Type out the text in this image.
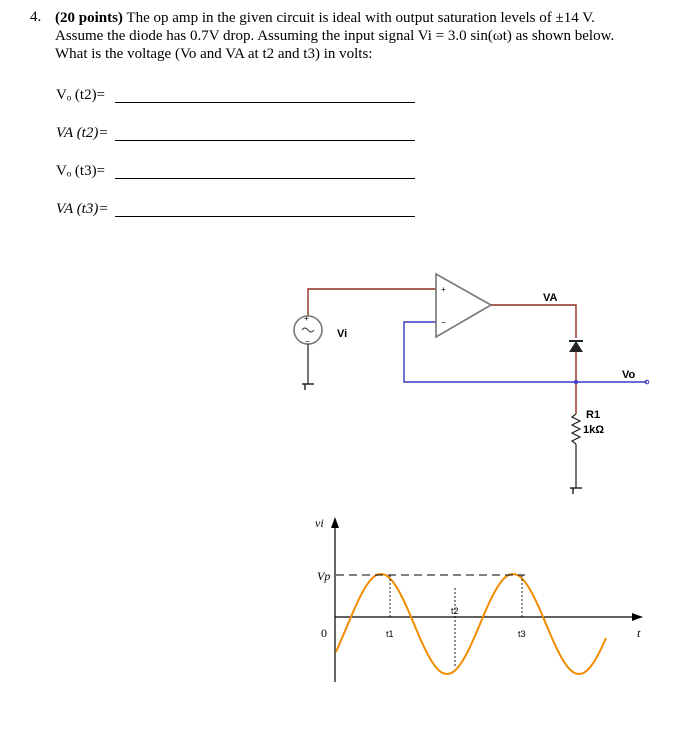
4. (20 points) The op amp in the given circuit is ideal with output saturation levels of ±14 V.
Assume the diode has 0.7V drop. Assuming the input signal Vi = 3.0 sin(ωt) as shown below.
What is the voltage (Vo and VA at t2 and t3) in volts:
Vₒ (t2)=
VA (t2)=
Vₒ (t3)=
VA (t3)=
+
−
+
−
Vi
VA
Vo
R1
1kΩ
vi
Vp
0	t
t1
t2
t3
